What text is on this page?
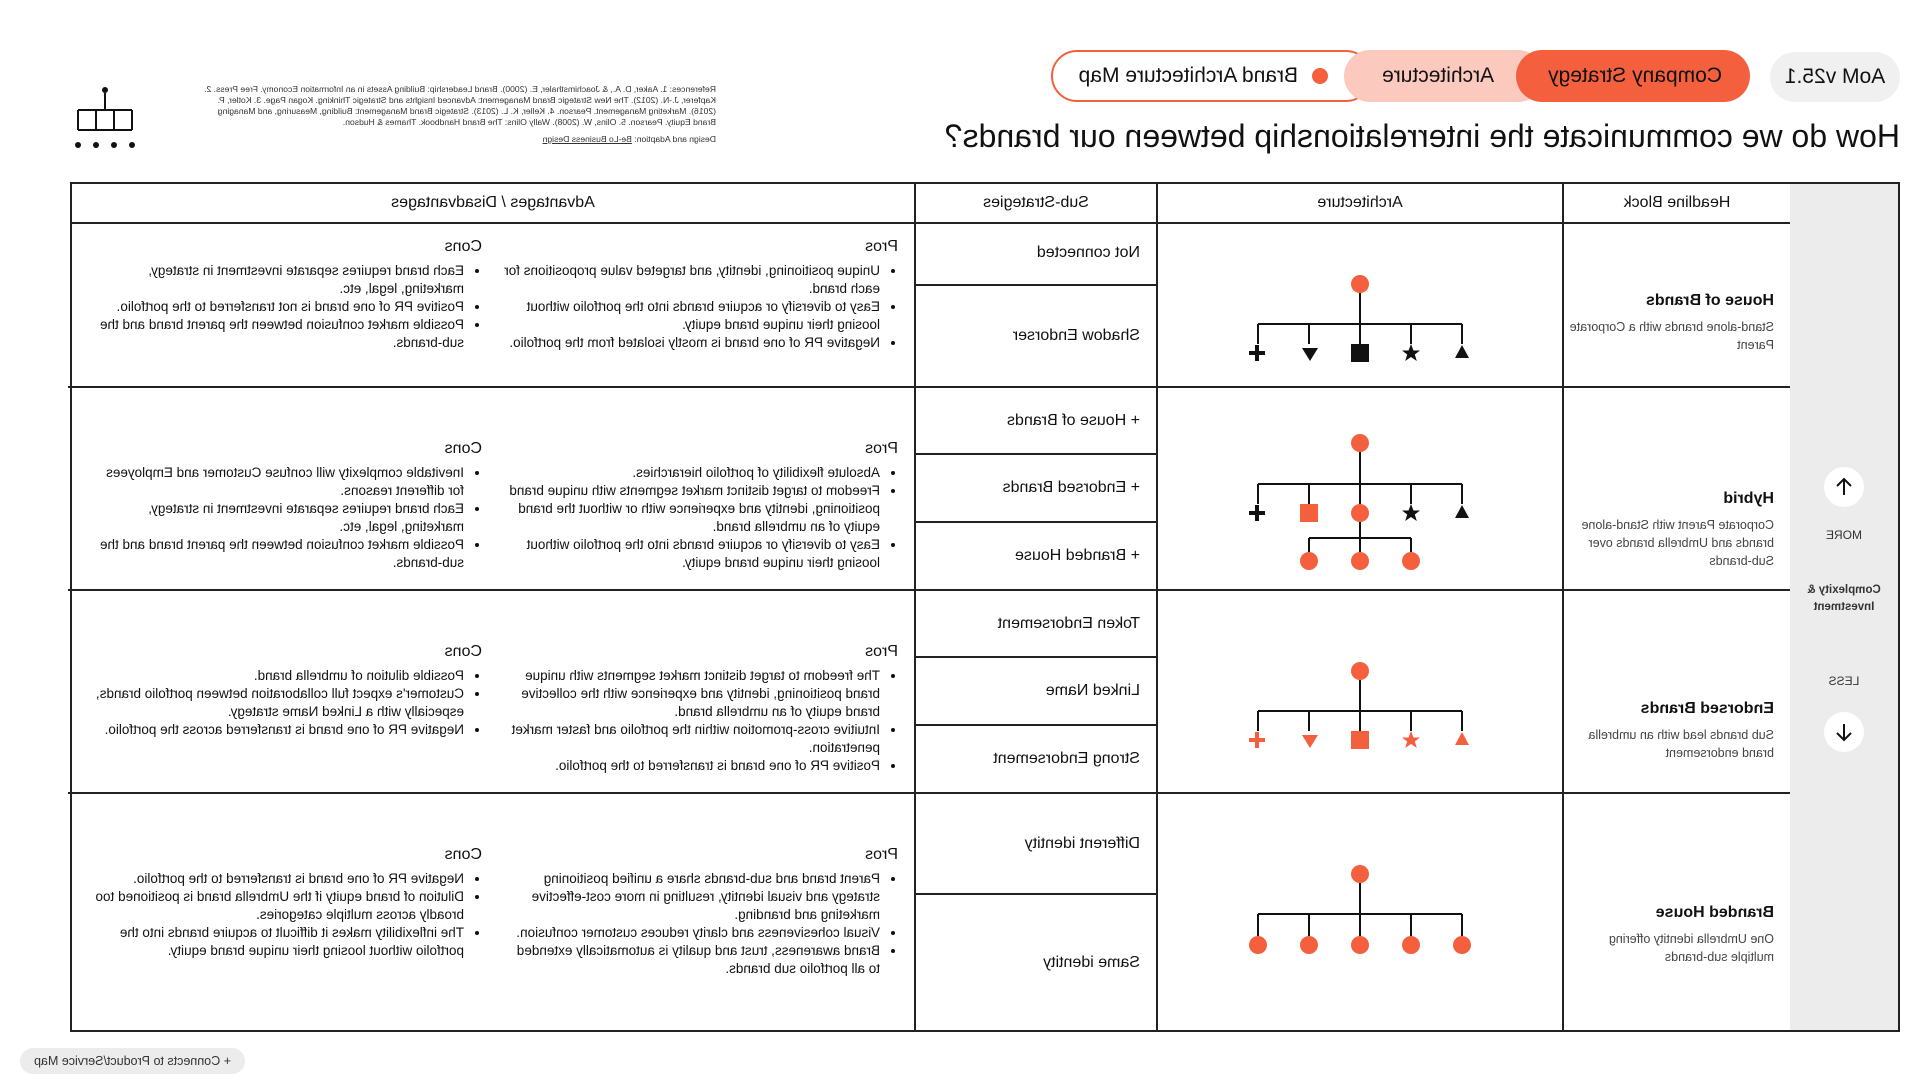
AoM v25.1
Company Strategy
Architecture
Brand Architecture Map
How do we communicate the interrelationship between our brands?
References: 1. Aaker, D. A., & Joachimsthaler, E. (2000). Brand Leadership: Building Assets in an Information Economy. Free Press. 2. Kapferer, J.-N. (2012). The New Strategic Brand Management: Advanced Insights and Strategic Thinking. Kogan Page. 3. Kotler, P. (2016). Marketing Management. Pearson. 4. Keller, K. L. (2013). Strategic Brand Management: Building, Measuring, and Managing Brand Equity. Pearson. 5. Olins, W. (2008). Wally Olins: The Brand Handbook. Thames & Hudson.
Design and Adaption: Be-Lo Business Design
MORE
Complexity & Investment
LESS
Headline Block
Architecture
Sub-Strategies
Advantages / Disadvantages
House of Brands
Stand-alone brands with a Corporate Parent
Not connected
Shadow Endorser
Pros
• Unique positioning, identity, and targeted value propositions for each brand.
• Easy to diversify or acquire brands into the portfolio without loosing their unique brand equity.
• Negative PR of one brand is mostly isolated from the portfolio.
Cons
• Each brand requires separate investment in strategy, marketing, legal, etc.
• Positive PR of one brand is not transferred to the portfolio.
• Possible market confusion between the parent brand and the sub-brands.
Hybrid
Corporate Parent with Stand-alone brands and Umbrella brands over Sub-brands
+ House of Brands
+ Endorsed Brands
+ Branded House
Pros
• Absolute flexibility of portfolio hierarchies.
• Freedom to target distinct market segments with unique brand positioning, identity and experience with or without the brand equity of an umbrella brand.
• Easy to diversify or acquire brands into the portfolio without loosing their unique brand equity.
Cons
• Inevitable complexity will confuse Customer and Employees for different reasons.
• Each brand requires separate investment in strategy, marketing, legal, etc.
• Possible market confusion between the parent brand and the sub-brands.
Endorsed Brands
Sub brands lead with an umbrella brand endorsement
Token Endorsement
Linked Name
Strong Endorsement
Pros
• The freedom to target distinct market segments with unique brand positioning, identity and experience with the collective brand equity of an umbrella brand.
• Intuitive cross-promotion within the portfolio and faster market penetration.
• Positive PR of one brand is transferred to the portfolio.
Cons
• Possible dilution of umbrella brand.
• Customer's expect full collaboration between portfolio brands, especially with a Linked Name strategy.
• Negative PR of one brand is transferred across the portfolio.
Branded House
One Umbrella identity offering multiple sub-brands
Different identity
Same identity
Pros
• Parent brand and sub-brands share a unified positioning strategy and visual identity, resulting in more cost-effective marketing and branding.
• Visual cohesiveness and clarity reduces customer confusion.
• Brand awareness, trust and quality is automatically extended to all portfolio sub brands.
Cons
• Negative PR of one brand is transferred to the portfolio.
• Dilution of brand equity if the Umbrella brand is positioned too broadly across multiple categories.
• The inflexibility makes it difficult to acquire brands into the portfolio without loosing their unique brand equity.
+ Connects to Product/Service Map
